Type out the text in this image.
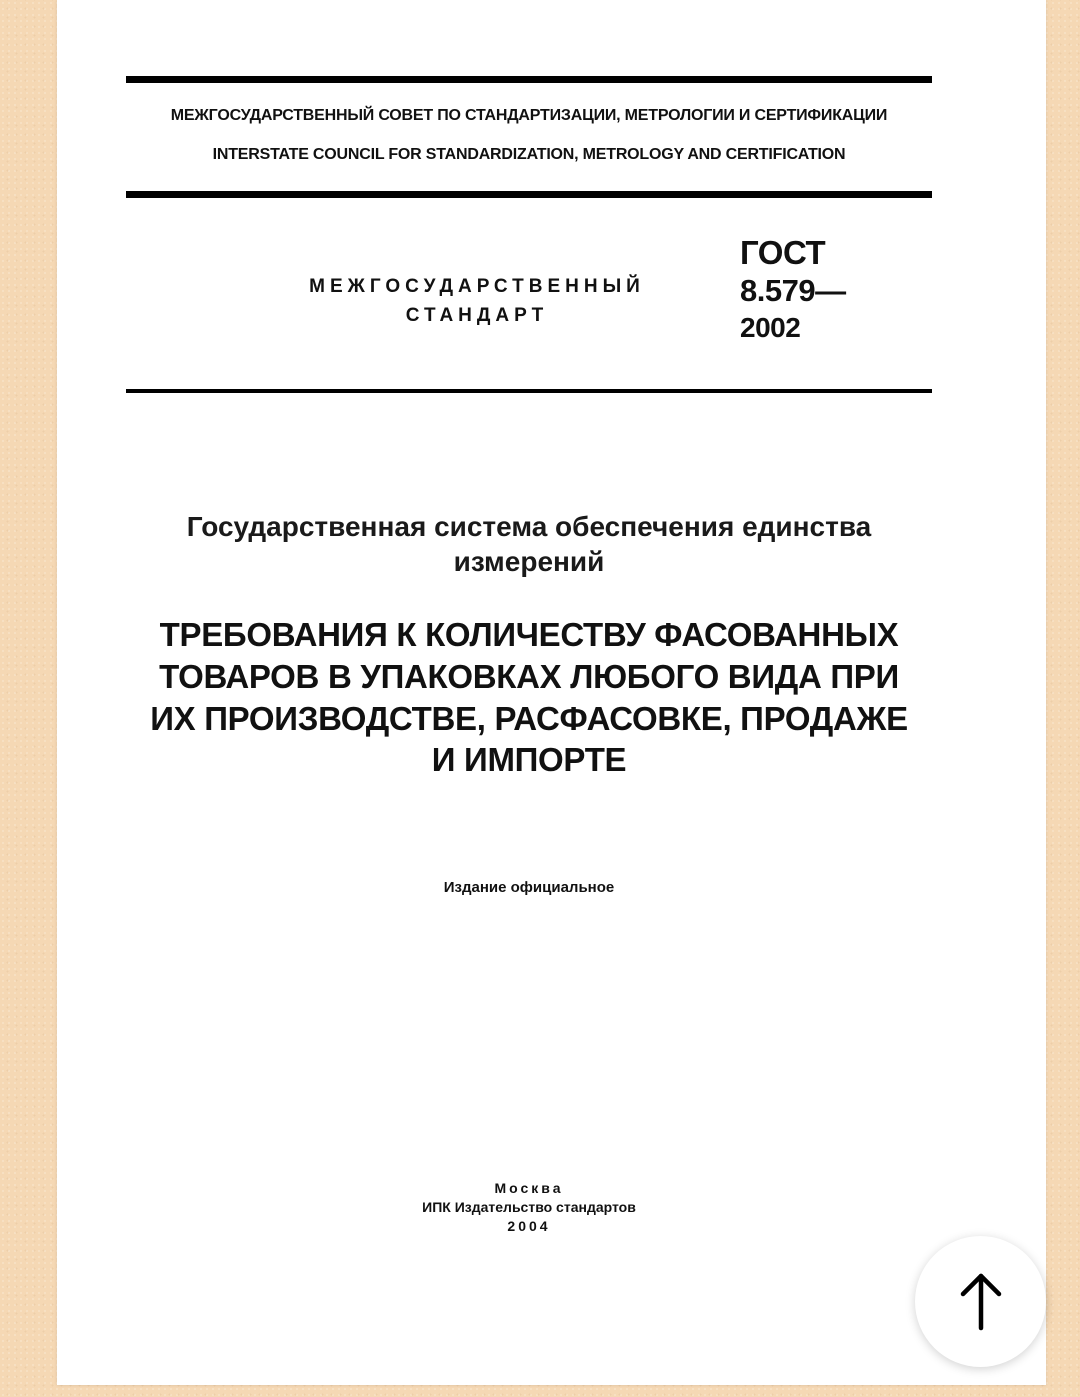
МЕЖГОСУДАРСТВЕННЫЙ СОВЕТ ПО СТАНДАРТИЗАЦИИ, МЕТРОЛОГИИ И СЕРТИФИКАЦИИ
INTERSTATE COUNCIL FOR STANDARDIZATION, METROLOGY AND CERTIFICATION
МЕЖГОСУДАРСТВЕННЫЙ
СТАНДАРТ
ГОСТ
8.579—
2002
Государственная система обеспечения единства
измерений
ТРЕБОВАНИЯ К КОЛИЧЕСТВУ ФАСОВАННЫХ
ТОВАРОВ В УПАКОВКАХ ЛЮБОГО ВИДА ПРИ
ИХ ПРОИЗВОДСТВЕ, РАСФАСОВКЕ, ПРОДАЖЕ
И ИМПОРТЕ
Издание официальное
Москва
ИПК Издательство стандартов
2004
